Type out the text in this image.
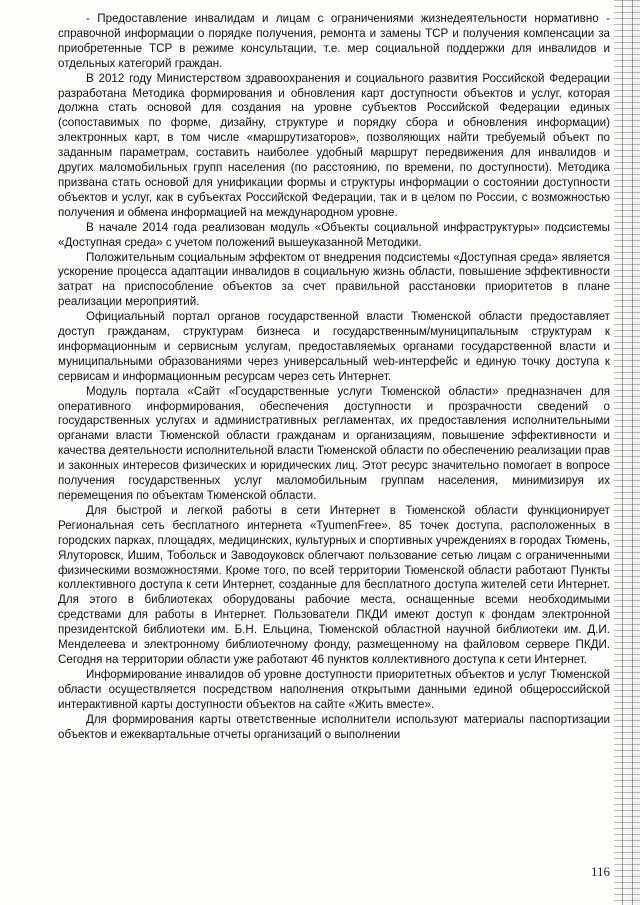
- Предоставление инвалидам и лицам с ограничениями жизнедеятельности нормативно - справочной информации о порядке получения, ремонта и замены ТСР и получения компенсации за приобретенные ТСР в режиме консультации, т.е. мер социальной поддержки для инвалидов и отдельных категорий граждан.

В 2012 году Министерством здравоохранения и социального развития Российской Федерации разработана Методика формирования и обновления карт доступности объектов и услуг, которая должна стать основой для создания на уровне субъектов Российской Федерации единых (сопоставимых по форме, дизайну, структуре и порядку сбора и обновления информации) электронных карт, в том числе «маршрутизаторов», позволяющих найти требуемый объект по заданным параметрам, составить наиболее удобный маршрут передвижения для инвалидов и других маломобильных групп населения (по расстоянию, по времени, по доступности). Методика призвана стать основой для унификации формы и структуры информации о состоянии доступности объектов и услуг, как в субъектах Российской Федерации, так и в целом по России, с возможностью получения и обмена информацией на международном уровне.

В начале 2014 года реализован модуль «Объекты социальной инфраструктуры» подсистемы «Доступная среда» с учетом положений вышеуказанной Методики.

Положительным социальным эффектом от внедрения подсистемы «Доступная среда» является ускорение процесса адаптации инвалидов в социальную жизнь области, повышение эффективности затрат на приспособление объектов за счет правильной расстановки приоритетов в плане реализации мероприятий.

Официальный портал органов государственной власти Тюменской области предоставляет доступ гражданам, структурам бизнеса и государственным/муниципальным структурам к информационным и сервисным услугам, предоставляемых органами государственной власти и муниципальными образованиями через универсальный web-интерфейс и единую точку доступа к сервисам и информационным ресурсам через сеть Интернет.

Модуль портала «Сайт «Государственные услуги Тюменской области» предназначен для оперативного информирования, обеспечения доступности и прозрачности сведений о государственных услугах и административных регламентах, их предоставления исполнительными органами власти Тюменской области гражданам и организациям, повышение эффективности и качества деятельности исполнительной власти Тюменской области по обеспечению реализации прав и законных интересов физических и юридических лиц. Этот ресурс значительно помогает в вопросе получения государственных услуг маломобильным группам населения, минимизируя их перемещения по объектам Тюменской области.

Для быстрой и легкой работы в сети Интернет в Тюменской области функционирует Региональная сеть бесплатного интернета «TyumenFree». 85 точек доступа, расположенных в городских парках, площадях, медицинских, культурных и спортивных учреждениях в городах Тюмень, Ялуторовск, Ишим, Тобольск и Заводоуковск облегчают пользование сетью лицам с ограниченными физическими возможностями. Кроме того, по всей территории Тюменской области работают Пункты коллективного доступа к сети Интернет, созданные для бесплатного доступа жителей сети Интернет. Для этого в библиотеках оборудованы рабочие места, оснащенные всеми необходимыми средствами для работы в Интернет. Пользователи ПКДИ имеют доступ к фондам электронной президентской библиотеки им. Б.Н. Ельцина, Тюменской областной научной библиотеки им. Д.И. Менделеева и электронному библиотечному фонду, размещенному на файловом сервере ПКДИ. Сегодня на территории области уже работают 46 пунктов коллективного доступа к сети Интернет.

Информирование инвалидов об уровне доступности приоритетных объектов и услуг Тюменской области осуществляется посредством наполнения открытыми данными единой общероссийской интерактивной карты доступности объектов на сайте «Жить вместе».

Для формирования карты ответственные исполнители используют материалы паспортизации объектов и ежеквартальные отчеты организаций о выполнении

116
